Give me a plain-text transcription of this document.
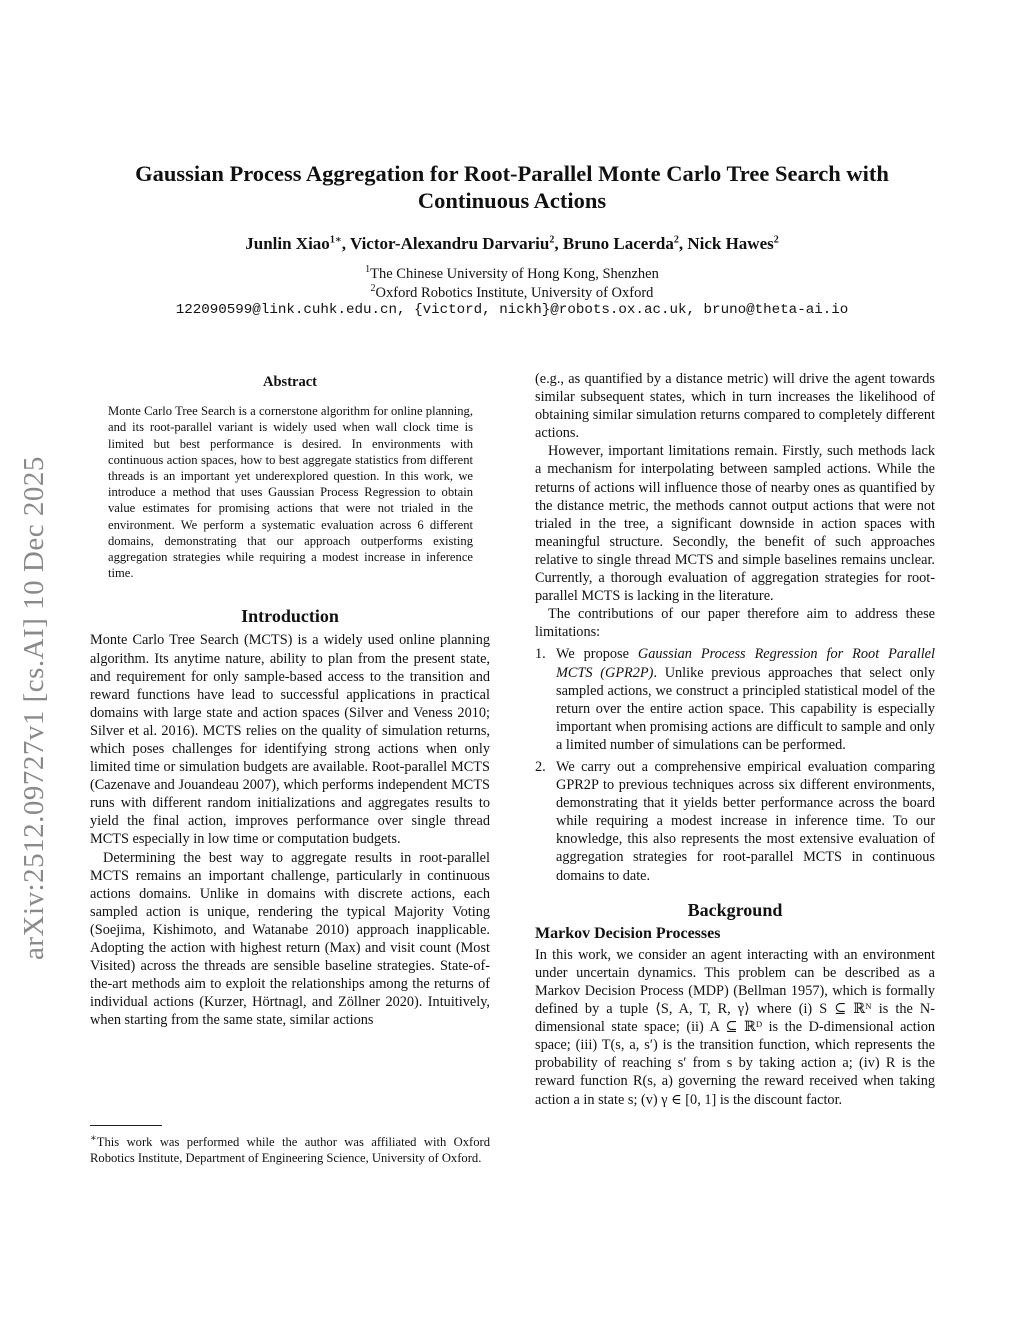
arXiv:2512.09727v1 [cs.AI] 10 Dec 2025
Gaussian Process Aggregation for Root-Parallel Monte Carlo Tree Search with Continuous Actions
Junlin Xiao$^{1∗}$, Victor-Alexandru Darvariu$^2$, Bruno Lacerda$^2$, Nick Hawes$^2$
$^1$The Chinese University of Hong Kong, Shenzhen
$^2$Oxford Robotics Institute, University of Oxford
122090599@link.cuhk.edu.cn, {victord, nickh}@robots.ox.ac.uk, bruno@theta-ai.io
Abstract
Monte Carlo Tree Search is a cornerstone algorithm for online planning, and its root-parallel variant is widely used when wall clock time is limited but best performance is desired. In environments with continuous action spaces, how to best aggregate statistics from different threads is an important yet underexplored question. In this work, we introduce a method that uses Gaussian Process Regression to obtain value estimates for promising actions that were not trialed in the environment. We perform a systematic evaluation across 6 different domains, demonstrating that our approach outperforms existing aggregation strategies while requiring a modest increase in inference time.
Introduction

Monte Carlo Tree Search (MCTS) is a widely used online planning algorithm. Its anytime nature, ability to plan from the present state, and requirement for only sample-based access to the transition and reward functions have lead to successful applications in practical domains with large state and action spaces (Silver and Veness 2010; Silver et al. 2016). MCTS relies on the quality of simulation returns, which poses challenges for identifying strong actions when only limited time or simulation budgets are available. Root-parallel MCTS (Cazenave and Jouandeau 2007), which performs independent MCTS runs with different random initializations and aggregates results to yield the final action, improves performance over single thread MCTS especially in low time or computation budgets.

Determining the best way to aggregate results in root-parallel MCTS remains an important challenge, particularly in continuous actions domains. Unlike in domains with discrete actions, each sampled action is unique, rendering the typical Majority Voting (Soejima, Kishimoto, and Watanabe 2010) approach inapplicable. Adopting the action with highest return (Max) and visit count (Most Visited) across the threads are sensible baseline strategies. State-of-the-art methods aim to exploit the relationships among the returns of individual actions (Kurzer, Hörtnagl, and Zöllner 2020). Intuitively, when starting from the same state, similar actions

(e.g., as quantified by a distance metric) will drive the agent towards similar subsequent states, which in turn increases the likelihood of obtaining similar simulation returns compared to completely different actions.

However, important limitations remain. Firstly, such methods lack a mechanism for interpolating between sampled actions. While the returns of actions will influence those of nearby ones as quantified by the distance metric, the methods cannot output actions that were not trialed in the tree, a significant downside in action spaces with meaningful structure. Secondly, the benefit of such approaches relative to single thread MCTS and simple baselines remains unclear. Currently, a thorough evaluation of aggregation strategies for root-parallel MCTS is lacking in the literature.

The contributions of our paper therefore aim to address these limitations:

1. We propose Gaussian Process Regression for Root Parallel MCTS (GPR2P). Unlike previous approaches that select only sampled actions, we construct a principled statistical model of the return over the entire action space. This capability is especially important when promising actions are difficult to sample and only a limited number of simulations can be performed.
2. We carry out a comprehensive empirical evaluation comparing GPR2P to previous techniques across six different environments, demonstrating that it yields better performance across the board while requiring a modest increase in inference time. To our knowledge, this also represents the most extensive evaluation of aggregation strategies for root-parallel MCTS in continuous domains to date.
Background
Markov Decision Processes

In this work, we consider an agent interacting with an environment under uncertain dynamics. This problem can be described as a Markov Decision Process (MDP) (Bellman 1957), which is formally defined by a tuple ⟨S, A, T, R, γ⟩ where (i) S ⊆ ℝᴺ is the N-dimensional state space; (ii) A ⊆ ℝᴰ is the D-dimensional action space; (iii) T(s, a, s′) is the transition function, which represents the probability of reaching s′ from s by taking action a; (iv) R is the reward function R(s, a) governing the reward received when taking action a in state s; (v) γ ∈ [0, 1] is the discount factor.

∗This work was performed while the author was affiliated with Oxford Robotics Institute, Department of Engineering Science, University of Oxford.
